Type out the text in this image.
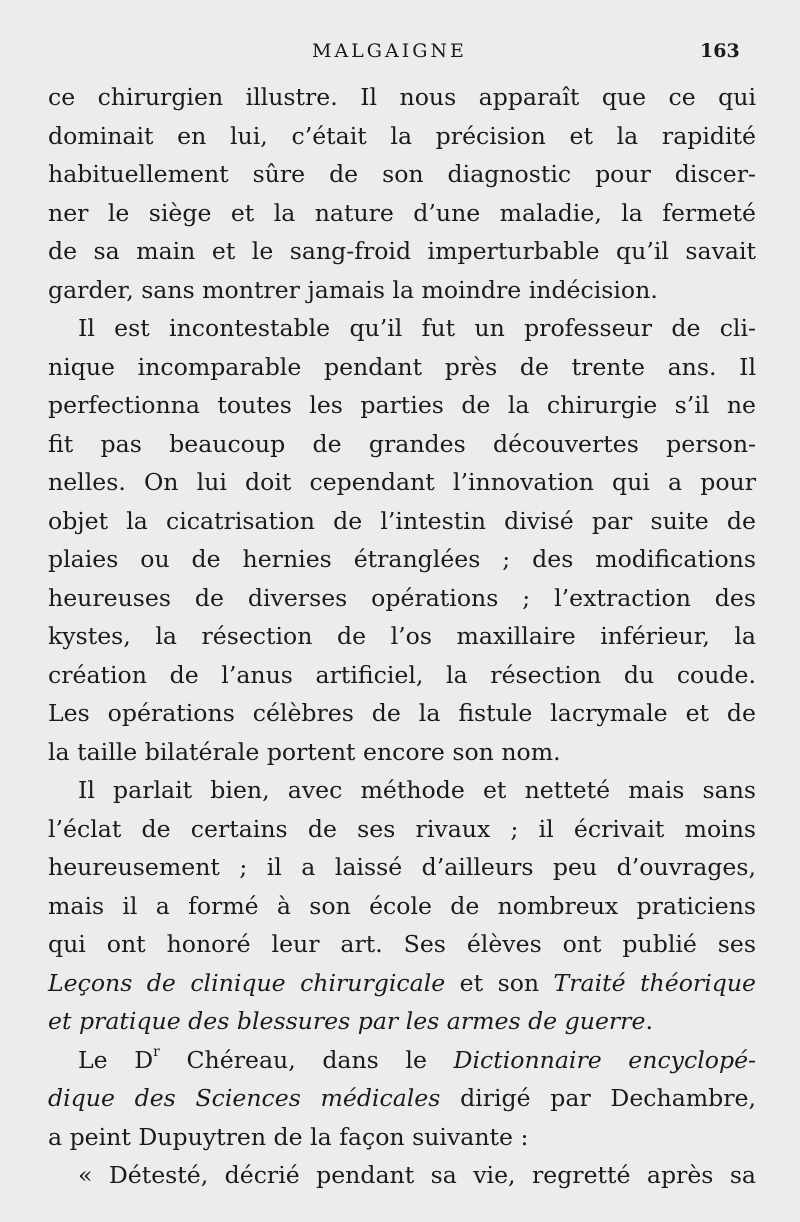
MALGAIGNE	163
ce chirurgien illustre. Il nous apparaît que ce qui
dominait en lui, c’était la précision et la rapidité
habituellement sûre de son diagnostic pour discer-
ner le siège et la nature d’une maladie, la fermeté
de sa main et le sang-froid imperturbable qu’il savait
garder, sans montrer jamais la moindre indécision.
Il est incontestable qu’il fut un professeur de cli-
nique incomparable pendant près de trente ans. Il
perfectionna toutes les parties de la chirurgie s’il ne
fit pas beaucoup de grandes découvertes person-
nelles. On lui doit cependant l’innovation qui a pour
objet la cicatrisation de l’intestin divisé par suite de
plaies ou de hernies étranglées ; des modifications
heureuses de diverses opérations ; l’extraction des
kystes, la résection de l’os maxillaire inférieur, la
création de l’anus artificiel, la résection du coude.
Les opérations célèbres de la fistule lacrymale et de
la taille bilatérale portent encore son nom.
Il parlait bien, avec méthode et netteté mais sans
l’éclat de certains de ses rivaux ; il écrivait moins
heureusement ; il a laissé d’ailleurs peu d’ouvrages,
mais il a formé à son école de nombreux praticiens
qui ont honoré leur art. Ses élèves ont publié ses
Leçons de clinique chirurgicale et son Traité théorique
et pratique des blessures par les armes de guerre.
Le $D^r$ Chéreau, dans le Dictionnaire encyclopé-
dique des Sciences médicales dirigé par Dechambre,
a peint Dupuytren de la façon suivante :
« Détesté, décrié pendant sa vie, regretté après sa
